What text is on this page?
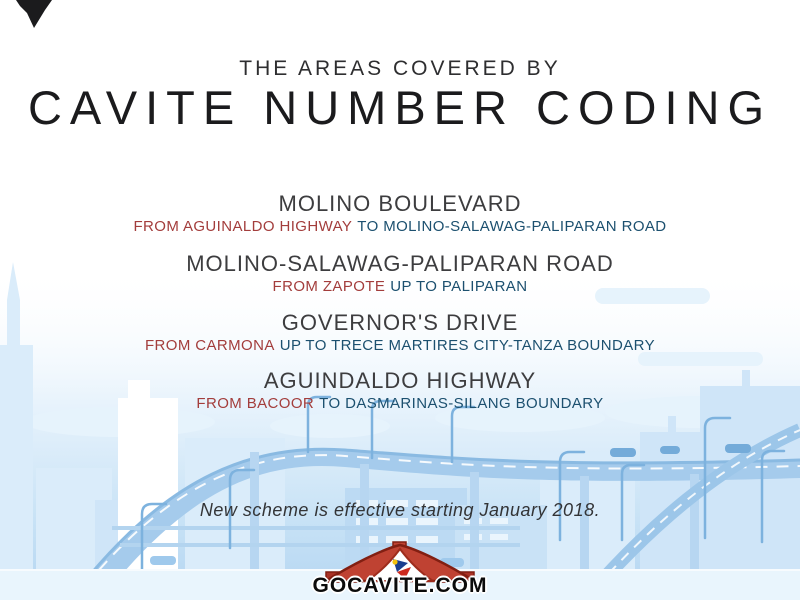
THE AREAS COVERED BY
CAVITE NUMBER CODING
MOLINO BOULEVARD
FROM AGUINALDO HIGHWAY TO MOLINO-SALAWAG-PALIPARAN ROAD
MOLINO-SALAWAG-PALIPARAN ROAD
FROM ZAPOTE UP TO PALIPARAN
GOVERNOR'S DRIVE
FROM CARMONA UP TO TRECE MARTIRES CITY-TANZA BOUNDARY
AGUINDALDO HIGHWAY
FROM BACOOR TO DASMARINAS-SILANG BOUNDARY
New scheme is effective starting January 2018.
GOCAVITE.COM
